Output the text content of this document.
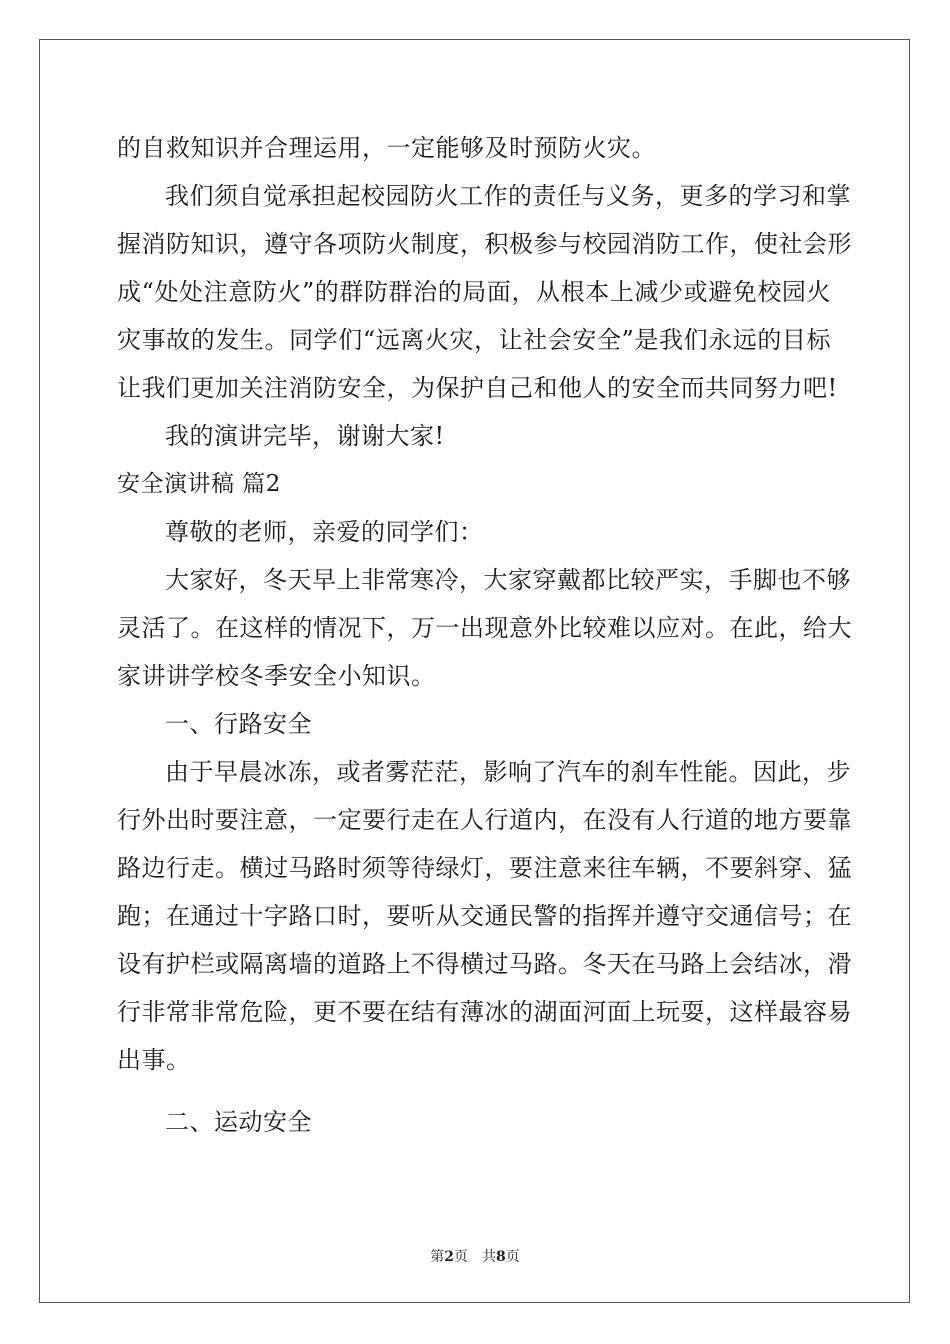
的自救知识并合理运用，一定能够及时预防火灾。
我们须自觉承担起校园防火工作的责任与义务，更多的学习和掌
握消防知识，遵守各项防火制度，积极参与校园消防工作，使社会形
成“处处注意防火”的群防群治的局面，从根本上减少或避免校园火
灾事故的发生。同学们“远离火灾，让社会安全”是我们永远的目标
让我们更加关注消防安全，为保护自己和他人的安全而共同努力吧!
我的演讲完毕，谢谢大家!
安全演讲稿 篇2
尊敬的老师，亲爱的同学们：
大家好，冬天早上非常寒冷，大家穿戴都比较严实，手脚也不够
灵活了。在这样的情况下，万一出现意外比较难以应对。在此，给大
家讲讲学校冬季安全小知识。
一、行路安全
由于早晨冰冻，或者雾茫茫，影响了汽车的刹车性能。因此，步
行外出时要注意，一定要行走在人行道内，在没有人行道的地方要靠
路边行走。横过马路时须等待绿灯，要注意来往车辆，不要斜穿、猛
跑；在通过十字路口时，要听从交通民警的指挥并遵守交通信号；在
设有护栏或隔离墙的道路上不得横过马路。冬天在马路上会结冰，滑
行非常非常危险，更不要在结有薄冰的湖面河面上玩耍，这样最容易
出事。
二、运动安全
第2页　共8页
